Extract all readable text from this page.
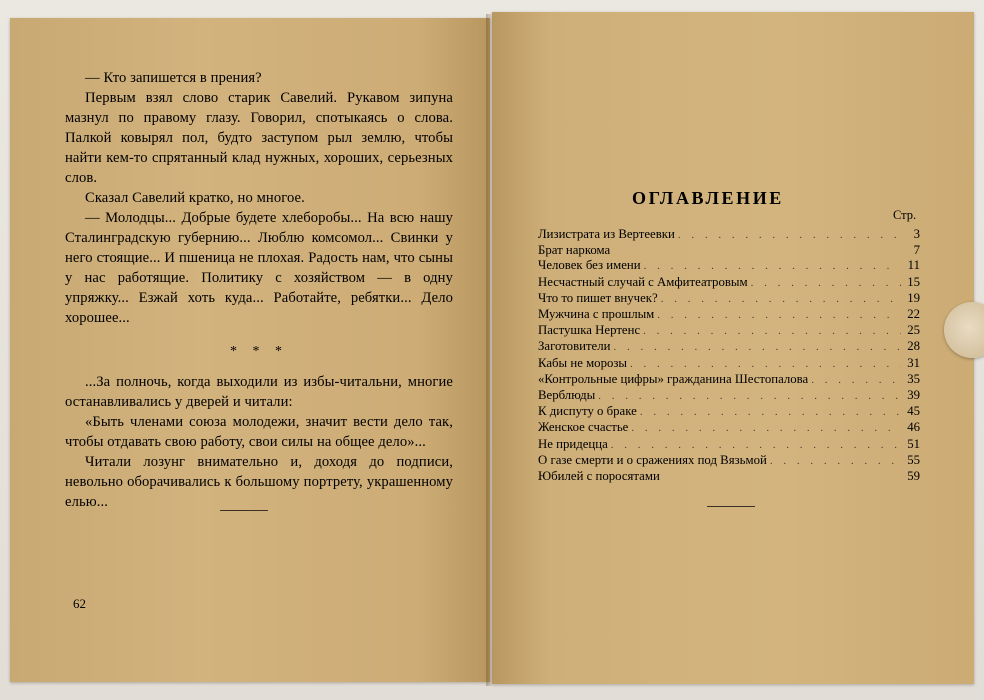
— Кто запишется в прения?

Первым взял слово старик Савелий. Рукавом зипуна мазнул по правому глазу. Говорил, спотыкаясь о слова. Палкой ковырял пол, будто заступом рыл землю, чтобы найти кем-то спрятанный клад нужных, хороших, серьезных слов.

Сказал Савелий кратко, но многое.

— Молодцы... Добрые будете хлеборобы... На всю нашу Сталинградскую губернию... Люблю комсомол... Свинки у него стоящие... И пшеница не плохая. Радость нам, что сыны у нас работящие. Политику с хозяйством — в одну упряжку... Езжай хоть куда... Работайте, ребятки... Дело хорошее...

* * *

...За полночь, когда выходили из избы-читальни, многие останавливались у дверей и читали:

«Быть членами союза молодежи, значит вести дело так, чтобы отдавать свою работу, свои силы на общее дело»...

Читали лозунг внимательно и, доходя до подписи, невольно оборачивались к большому портрету, украшенному елью...

62
ОГЛАВЛЕНИЕ
Стр.
Лизистрата из Вертеевки . . .	3
Брат наркома	7
Человек без имени . . .	11
Несчастный случай с Амфитеатровым . . .	15
Что то пишет внучек? . . .	19
Мужчина с прошлым . . .	22
Пастушка Нертенс . . .	25
Заготовители . . .	28
Кабы не морозы . . .	31
«Контрольные цифры» гражданина Шестопалова . . .	35
Верблюды . . .	39
К диспуту о браке . . .	45
Женское счастье . . .	46
Не придецца . . .	51
О газе смерти и о сражениях под Вязьмой . . .	55
Юбилей с поросятами	59
